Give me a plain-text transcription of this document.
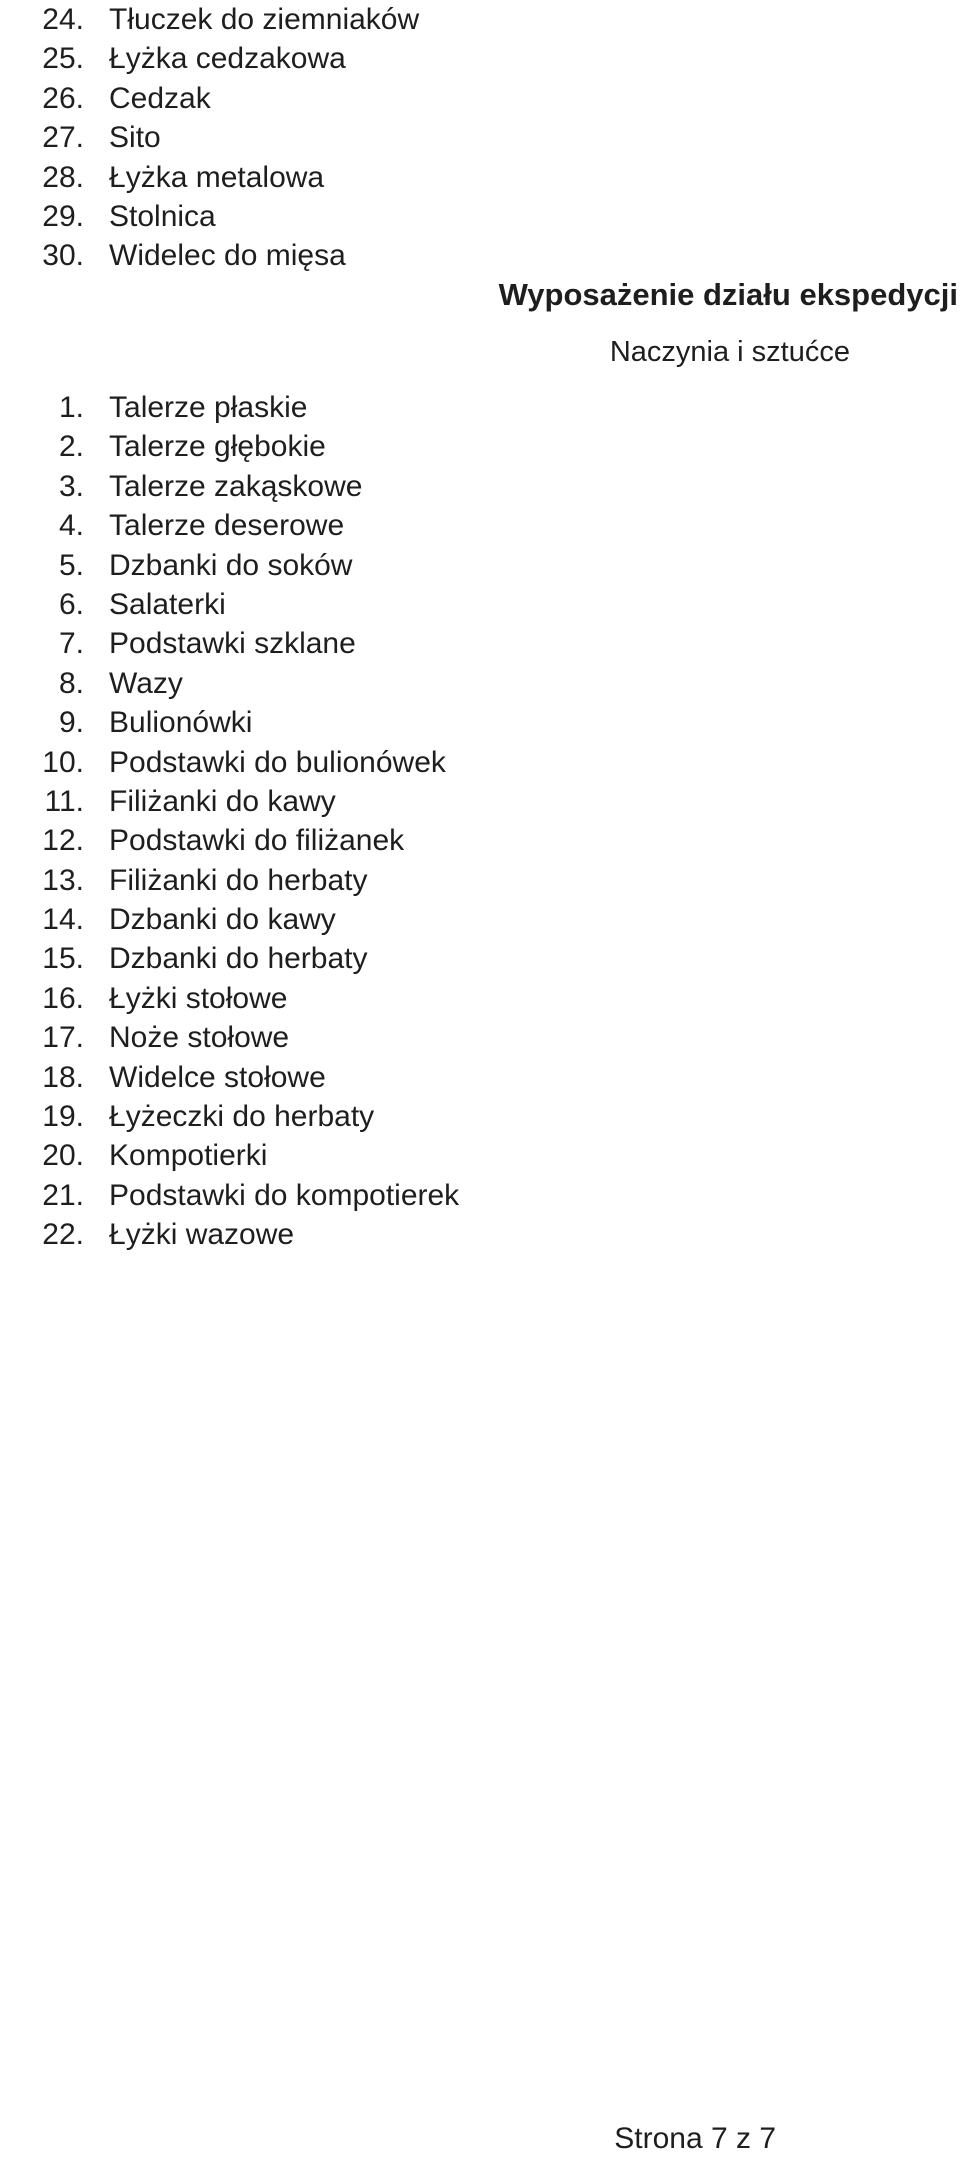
24. Tłuczek do ziemniaków
25. Łyżka cedzakowa
26. Cedzak
27. Sito
28. Łyżka metalowa
29. Stolnica
30. Widelec do mięsa
Wyposażenie działu ekspedycji
Naczynia i sztućce
1. Talerze płaskie
2. Talerze głębokie
3. Talerze zakąskowe
4. Talerze deserowe
5. Dzbanki do soków
6. Salaterki
7. Podstawki szklane
8. Wazy
9. Bulionówki
10. Podstawki do bulionówek
11. Filiżanki do kawy
12. Podstawki do filiżanek
13. Filiżanki do herbaty
14. Dzbanki do kawy
15. Dzbanki do herbaty
16. Łyżki stołowe
17. Noże stołowe
18. Widelce stołowe
19. Łyżeczki do herbaty
20. Kompotierki
21. Podstawki do kompotierek
22. Łyżki wazowe
Strona 7 z 7
